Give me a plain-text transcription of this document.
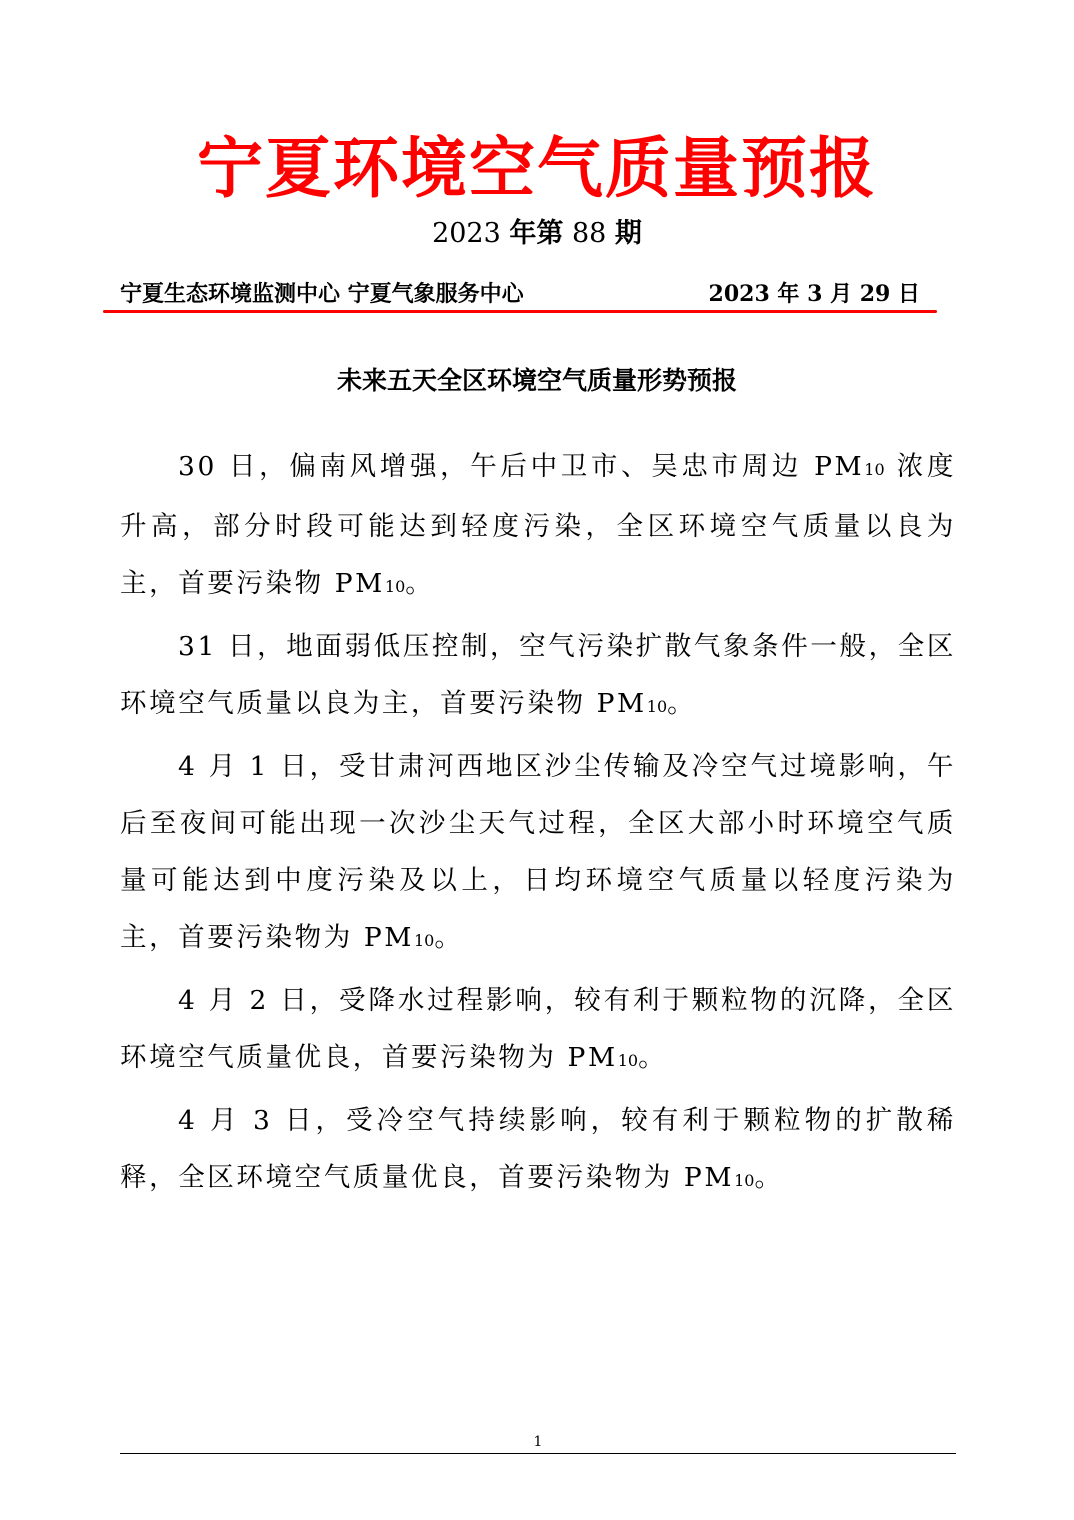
宁夏环境空气质量预报
2023 年第 88 期
宁夏生态环境监测中心 宁夏气象服务中心	2023 年 3 月 29 日
未来五天全区环境空气质量形势预报

30 日，偏南风增强，午后中卫市、吴忠市周边 PM10 浓度升高，部分时段可能达到轻度污染，全区环境空气质量以良为主，首要污染物 PM10。

31 日，地面弱低压控制，空气污染扩散气象条件一般，全区环境空气质量以良为主，首要污染物 PM10。

4 月 1 日，受甘肃河西地区沙尘传输及冷空气过境影响，午后至夜间可能出现一次沙尘天气过程，全区大部小时环境空气质量可能达到中度污染及以上，日均环境空气质量以轻度污染为主，首要污染物为 PM10。

4 月 2 日，受降水过程影响，较有利于颗粒物的沉降，全区环境空气质量优良，首要污染物为 PM10。

4 月 3 日，受冷空气持续影响，较有利于颗粒物的扩散稀释，全区环境空气质量优良，首要污染物为 PM10。

1
